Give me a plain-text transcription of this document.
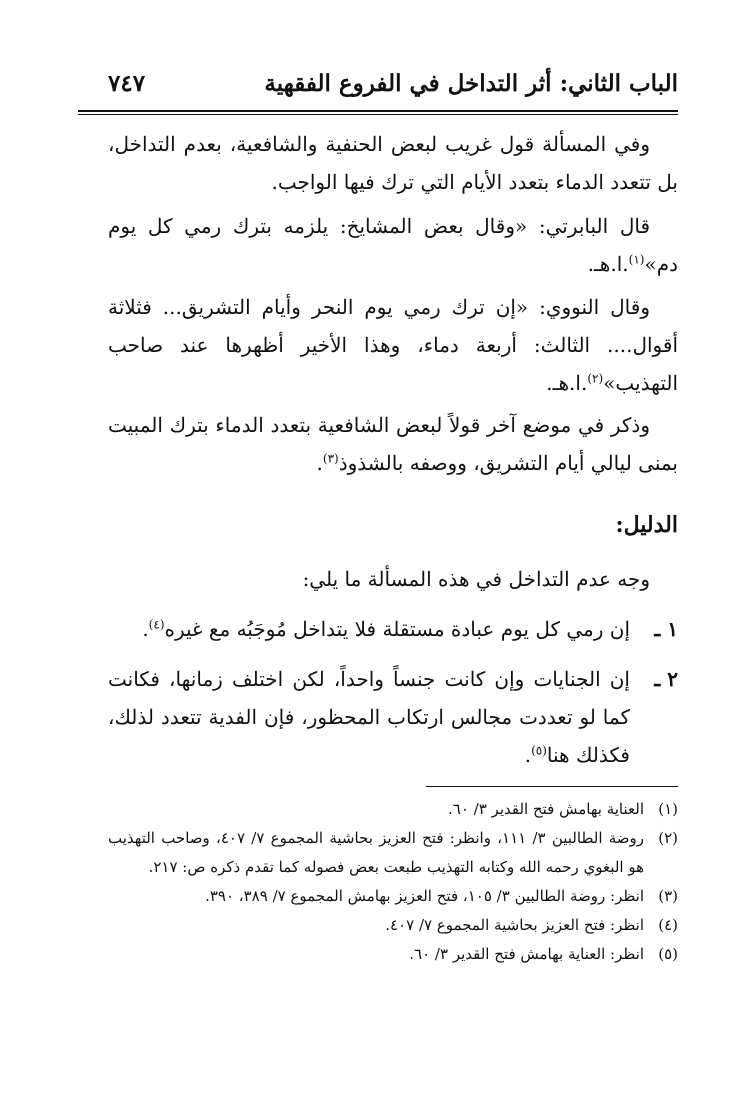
الباب الثاني: أثر التداخل في الفروع الفقهية
٧٤٧

وفي المسألة قول غريب لبعض الحنفية والشافعية، بعدم التداخل، بل تتعدد الدماء بتعدد الأيام التي ترك فيها الواجب.

قال البابرتي: «وقال بعض المشايخ: يلزمه بترك رمي كل يوم دم»$^{(١)}$.ا.هـ.

وقال النووي: «إن ترك رمي يوم النحر وأيام التشريق... فثلاثة أقوال.... الثالث: أربعة دماء، وهذا الأخير أظهرها عند صاحب التهذيب»$^{(٢)}$.ا.هـ.

وذكر في موضع آخر قولاً لبعض الشافعية بتعدد الدماء بترك المبيت بمنى ليالي أيام التشريق، ووصفه بالشذوذ$^{(٣)}$.

الدليل:

وجه عدم التداخل في هذه المسألة ما يلي:

١ ـ
إن رمي كل يوم عبادة مستقلة فلا يتداخل مُوجَبُه مع غيره$^{(٤)}$.
٢ ـ
إن الجنايات وإن كانت جنساً واحداً، لكن اختلف زمانها، فكانت كما لو تعددت مجالس ارتكاب المحظور، فإن الفدية تتعدد لذلك، فكذلك هنا$^{(٥)}$.
(١)
العناية بهامش فتح القدير ٣/ ٦٠.
(٢)
روضة الطالبين ٣/ ١١١، وانظر: فتح العزيز بحاشية المجموع ٧/ ٤٠٧، وصاحب التهذيب هو البغوي رحمه الله وكتابه التهذيب طبعت بعض فصوله كما تقدم ذكره ص: ٢١٧.
(٣)
انظر: روضة الطالبين ٣/ ١٠٥، فتح العزيز بهامش المجموع ٧/ ٣٨٩، ٣٩٠.
(٤)
انظر: فتح العزيز بحاشية المجموع ٧/ ٤٠٧.
(٥)
انظر: العناية بهامش فتح القدير ٣/ ٦٠.
